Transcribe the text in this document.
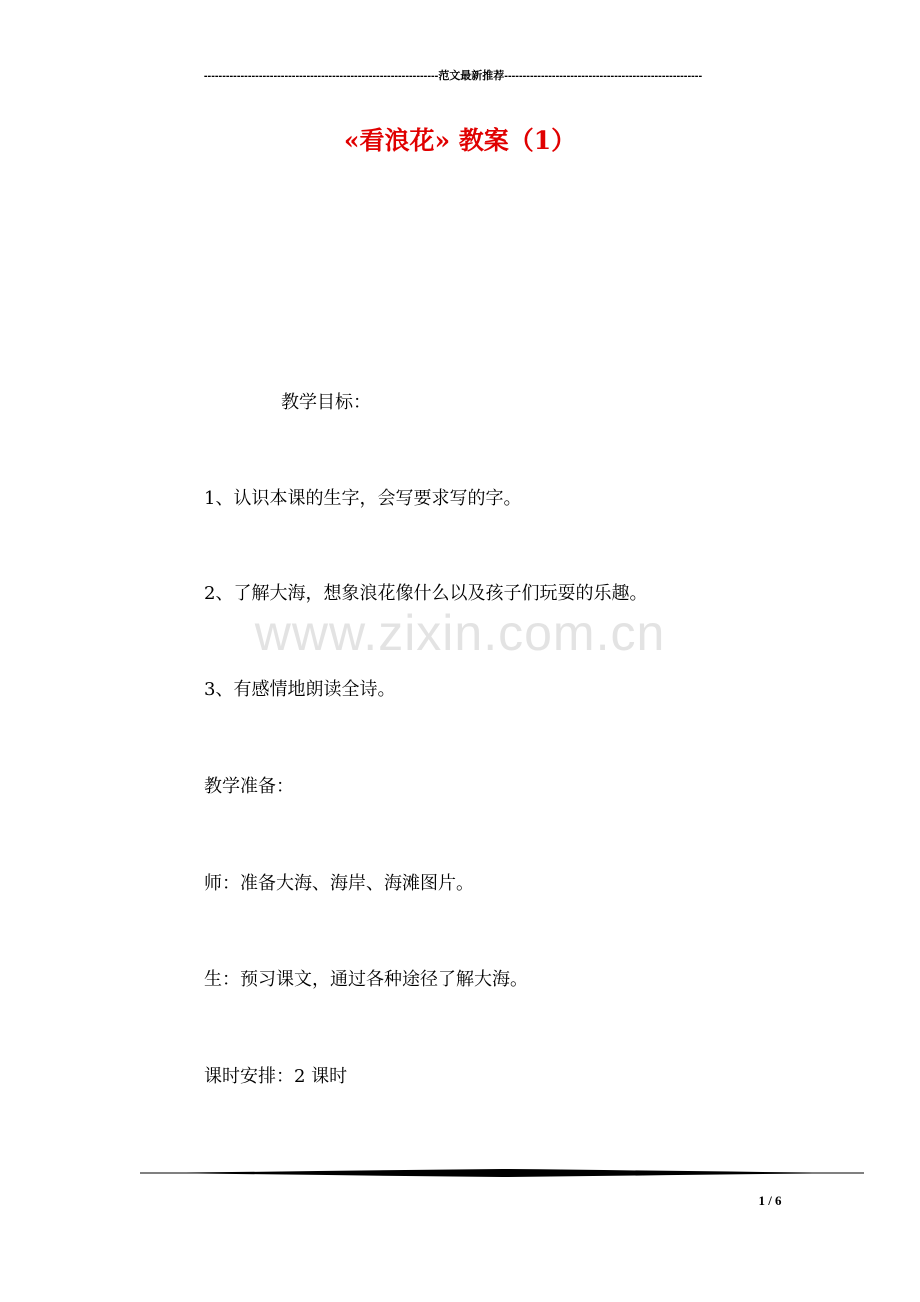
----------------------------------------------------------------范文最新推荐------------------------------------------------------
«看浪花» 教案（1）
教学目标：
1、认识本课的生字，会写要求写的字。
2、了解大海，想象浪花像什么以及孩子们玩耍的乐趣。
3、有感情地朗读全诗。
教学准备：
师：准备大海、海岸、海滩图片。
生：预习课文，通过各种途径了解大海。
课时安排：2 课时
www.zixin.com.cn
1 / 6
